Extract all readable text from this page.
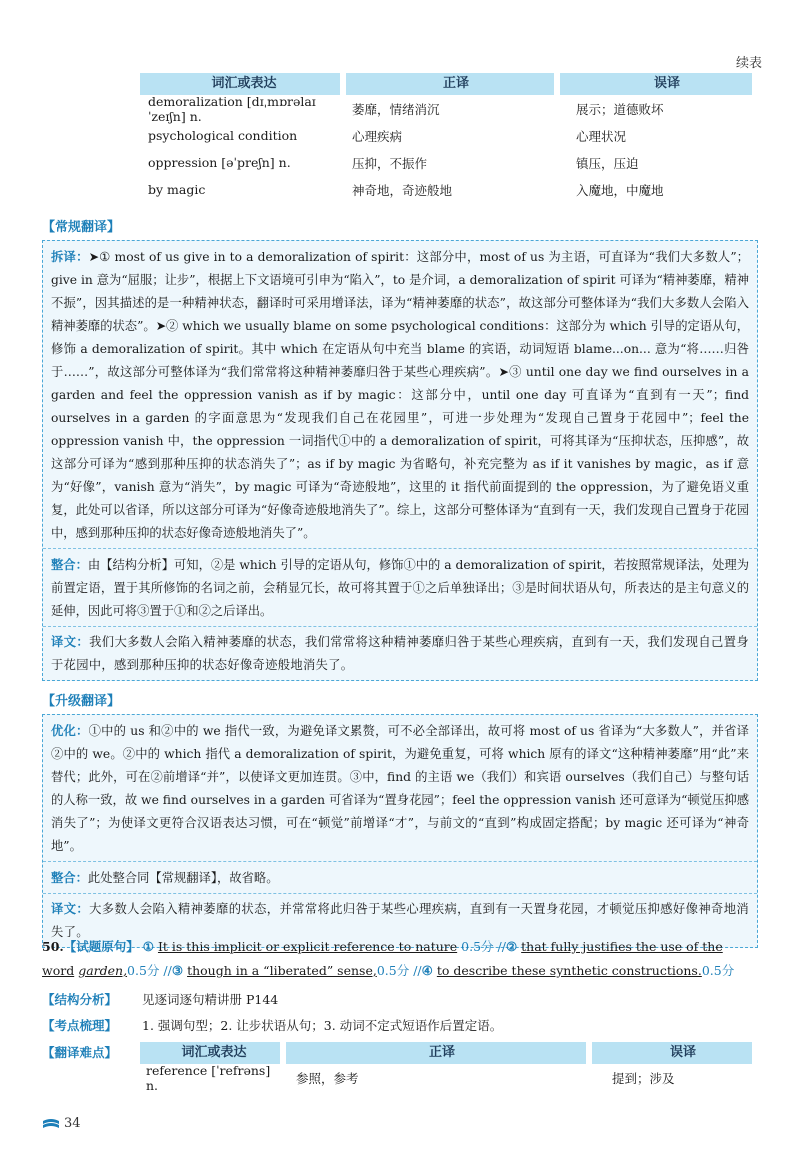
续表
词汇或表达	正译	误译
demoralization [dɪˌmɒrəlaɪˈzeɪʃn] n.	萎靡，情绪消沉	展示；道德败坏
psychological condition	心理疾病	心理状况
oppression [əˈpreʃn] n.	压抑，不振作	镇压，压迫
by magic	神奇地，奇迹般地	入魔地，中魔地
【常规翻译】
拆译：➤① most of us give in to a demoralization of spirit：这部分中，most of us 为主语，可直译为“我们大多数人”；give in 意为“屈服；让步”，根据上下文语境可引申为“陷入”，to 是介词，a demoralization of spirit 可译为“精神萎靡，精神不振”，因其描述的是一种精神状态，翻译时可采用增译法，译为“精神萎靡的状态”，故这部分可整体译为“我们大多数人会陷入精神萎靡的状态”。➤② which we usually blame on some psychological conditions：这部分为 which 引导的定语从句，修饰 a demoralization of spirit。其中 which 在定语从句中充当 blame 的宾语，动词短语 blame...on... 意为“将……归咎于……”，故这部分可整体译为“我们常常将这种精神萎靡归咎于某些心理疾病”。➤③ until one day we find ourselves in a garden and feel the oppression vanish as if by magic：这部分中，until one day 可直译为“直到有一天”；find ourselves in a garden 的字面意思为“发现我们自己在花园里”，可进一步处理为“发现自己置身于花园中”；feel the oppression vanish 中，the oppression 一词指代①中的 a demoralization of spirit，可将其译为“压抑状态，压抑感”，故这部分可译为“感到那种压抑的状态消失了”；as if by magic 为省略句，补充完整为 as if it vanishes by magic，as if 意为“好像”，vanish 意为“消失”，by magic 可译为“奇迹般地”，这里的 it 指代前面提到的 the oppression，为了避免语义重复，此处可以省译，所以这部分可译为“好像奇迹般地消失了”。综上，这部分可整体译为“直到有一天，我们发现自己置身于花园中，感到那种压抑的状态好像奇迹般地消失了”。
整合：由【结构分析】可知，②是 which 引导的定语从句，修饰①中的 a demoralization of spirit，若按照常规译法，处理为前置定语，置于其所修饰的名词之前，会稍显冗长，故可将其置于①之后单独译出；③是时间状语从句，所表达的是主句意义的延伸，因此可将③置于①和②之后译出。
译文：我们大多数人会陷入精神萎靡的状态，我们常常将这种精神萎靡归咎于某些心理疾病，直到有一天，我们发现自己置身于花园中，感到那种压抑的状态好像奇迹般地消失了。
【升级翻译】
优化：①中的 us 和②中的 we 指代一致，为避免译文累赘，可不必全部译出，故可将 most of us 省译为“大多数人”，并省译②中的 we。②中的 which 指代 a demoralization of spirit，为避免重复，可将 which 原有的译文“这种精神萎靡”用“此”来替代；此外，可在②前增译“并”，以使译文更加连贯。③中，find 的主语 we（我们）和宾语 ourselves（我们自己）与整句话的人称一致，故 we find ourselves in a garden 可省译为“置身花园”；feel the oppression vanish 还可意译为“顿觉压抑感消失了”；为使译文更符合汉语表达习惯，可在“顿觉”前增译“才”，与前文的“直到”构成固定搭配；by magic 还可译为“神奇地”。
整合：此处整合同【常规翻译】，故省略。
译文：大多数人会陷入精神萎靡的状态，并常常将此归咎于某些心理疾病，直到有一天置身花园，才顿觉压抑感好像神奇地消失了。
50.【试题原句】 ① It is this implicit or explicit reference to nature 0.5分 //② that fully justifies the use of the word garden,0.5分 //③ though in a “liberated” sense,0.5分 //④ to describe these synthetic constructions.0.5分
【结构分析】	见逐词逐句精讲册 P144
【考点梳理】	1. 强调句型；2. 让步状语从句；3. 动词不定式短语作后置定语。
【翻译难点】	词汇或表达	正译	误译
reference [ˈrefrəns] n.	参照，参考	提到；涉及
34
